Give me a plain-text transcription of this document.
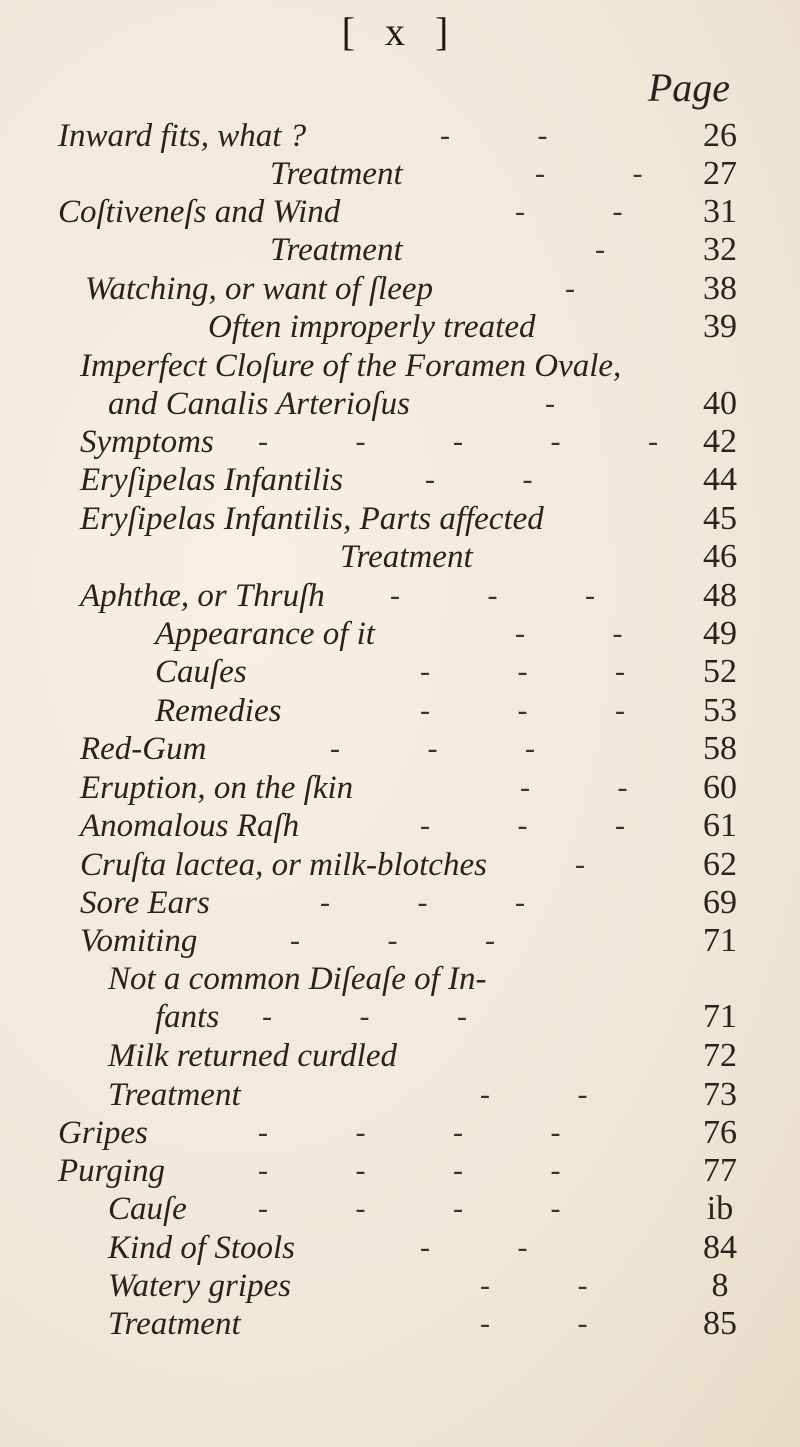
[ x ]
Page
Inward fits, what ?	- -	26
Treatment	- - 27
Coſtiveneſs and Wind	- -	31
Treatment	-	32
Watching, or want of ſleep	-	38
Often improperly treated	39
Imperfect Cloſure of the Foramen Ovale,
and Canalis Arterioſus	-	40
Symptoms - - - - - 42
Eryſipelas Infantilis	- -	44
Eryſipelas Infantilis, Parts affected	45
Treatment	46
Aphthæ, or Thruſh - - -	48
Appearance of it	- -	49
Cauſes	- - -	52
Remedies	- - -	53
Red-Gum	- - -	58
Eruption, on the ſkin	- -	60
Anomalous Raſh	- - -	61
Cruſta lactea, or milk-blotches	-	62
Sore Ears	- - -	69
Vomiting	- - -	71
Not a common Diſeaſe of In-
fants - - -	71
Milk returned curdled	72
Treatment	- -	73
Gripes	- - - -	76
Purging	- - - -	77
Cauſe - - - -	ib
Kind of Stools	- -	84
Watery gripes	- -	8
Treatment	- -	85
